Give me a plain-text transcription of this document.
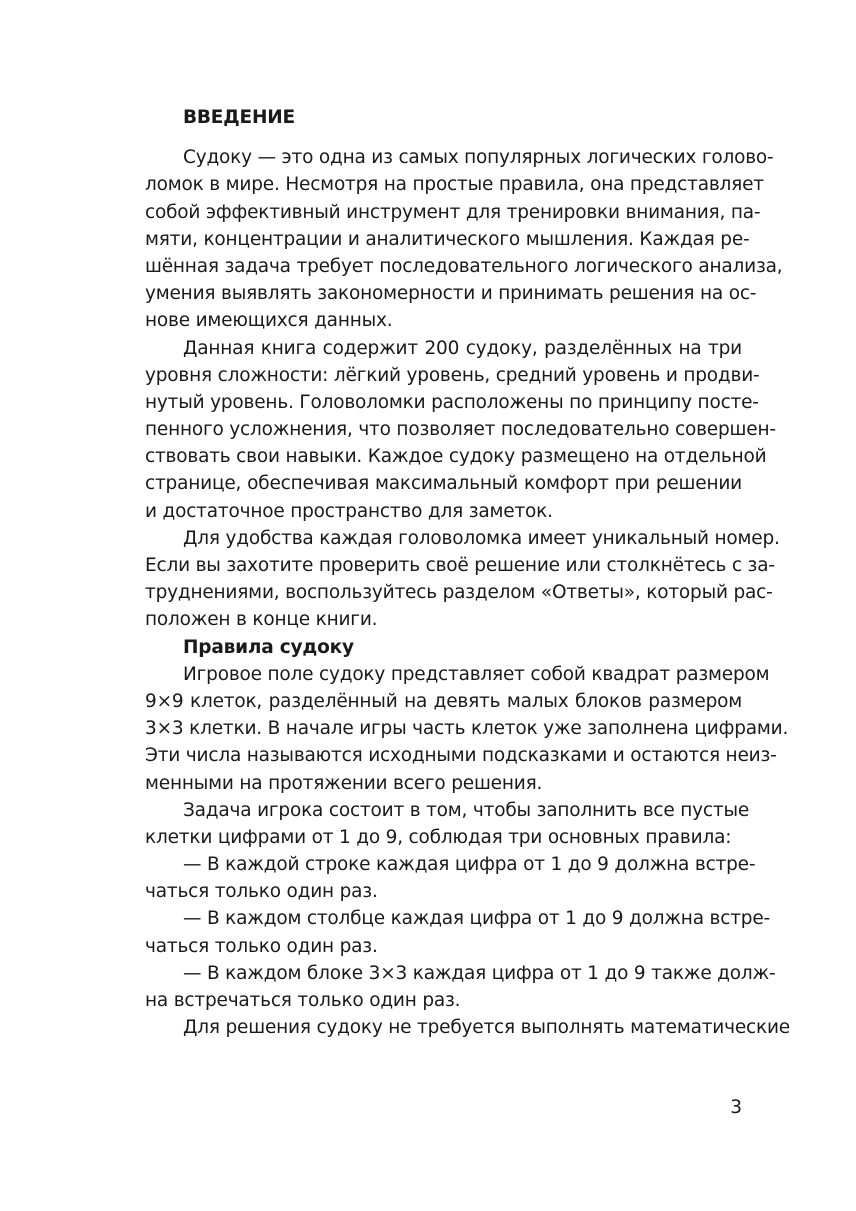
ВВЕДЕНИЕ
Судоку — это одна из самых популярных логических голово-
ломок в мире. Несмотря на простые правила, она представляет
собой эффективный инструмент для тренировки внимания, па-
мяти, концентрации и аналитического мышления. Каждая ре-
шённая задача требует последовательного логического анализа,
умения выявлять закономерности и принимать решения на ос-
нове имеющихся данных.
Данная книга содержит 200 судоку, разделённых на три
уровня сложности: лёгкий уровень, средний уровень и продви-
нутый уровень. Головоломки расположены по принципу посте-
пенного усложнения, что позволяет последовательно совершен-
ствовать свои навыки. Каждое судоку размещено на отдельной
странице, обеспечивая максимальный комфорт при решении
и достаточное пространство для заметок.
Для удобства каждая головоломка имеет уникальный номер.
Если вы захотите проверить своё решение или столкнётесь с за-
труднениями, воспользуйтесь разделом «Ответы», который рас-
положен в конце книги.
Правила судоку
Игровое поле судоку представляет собой квадрат размером
9×9 клеток, разделённый на девять малых блоков размером
3×3 клетки. В начале игры часть клеток уже заполнена цифрами.
Эти числа называются исходными подсказками и остаются неиз-
менными на протяжении всего решения.
Задача игрока состоит в том, чтобы заполнить все пустые
клетки цифрами от 1 до 9, соблюдая три основных правила:
— В каждой строке каждая цифра от 1 до 9 должна встре-
чаться только один раз.
— В каждом столбце каждая цифра от 1 до 9 должна встре-
чаться только один раз.
— В каждом блоке 3×3 каждая цифра от 1 до 9 также долж-
на встречаться только один раз.
Для решения судоку не требуется выполнять математические
3
